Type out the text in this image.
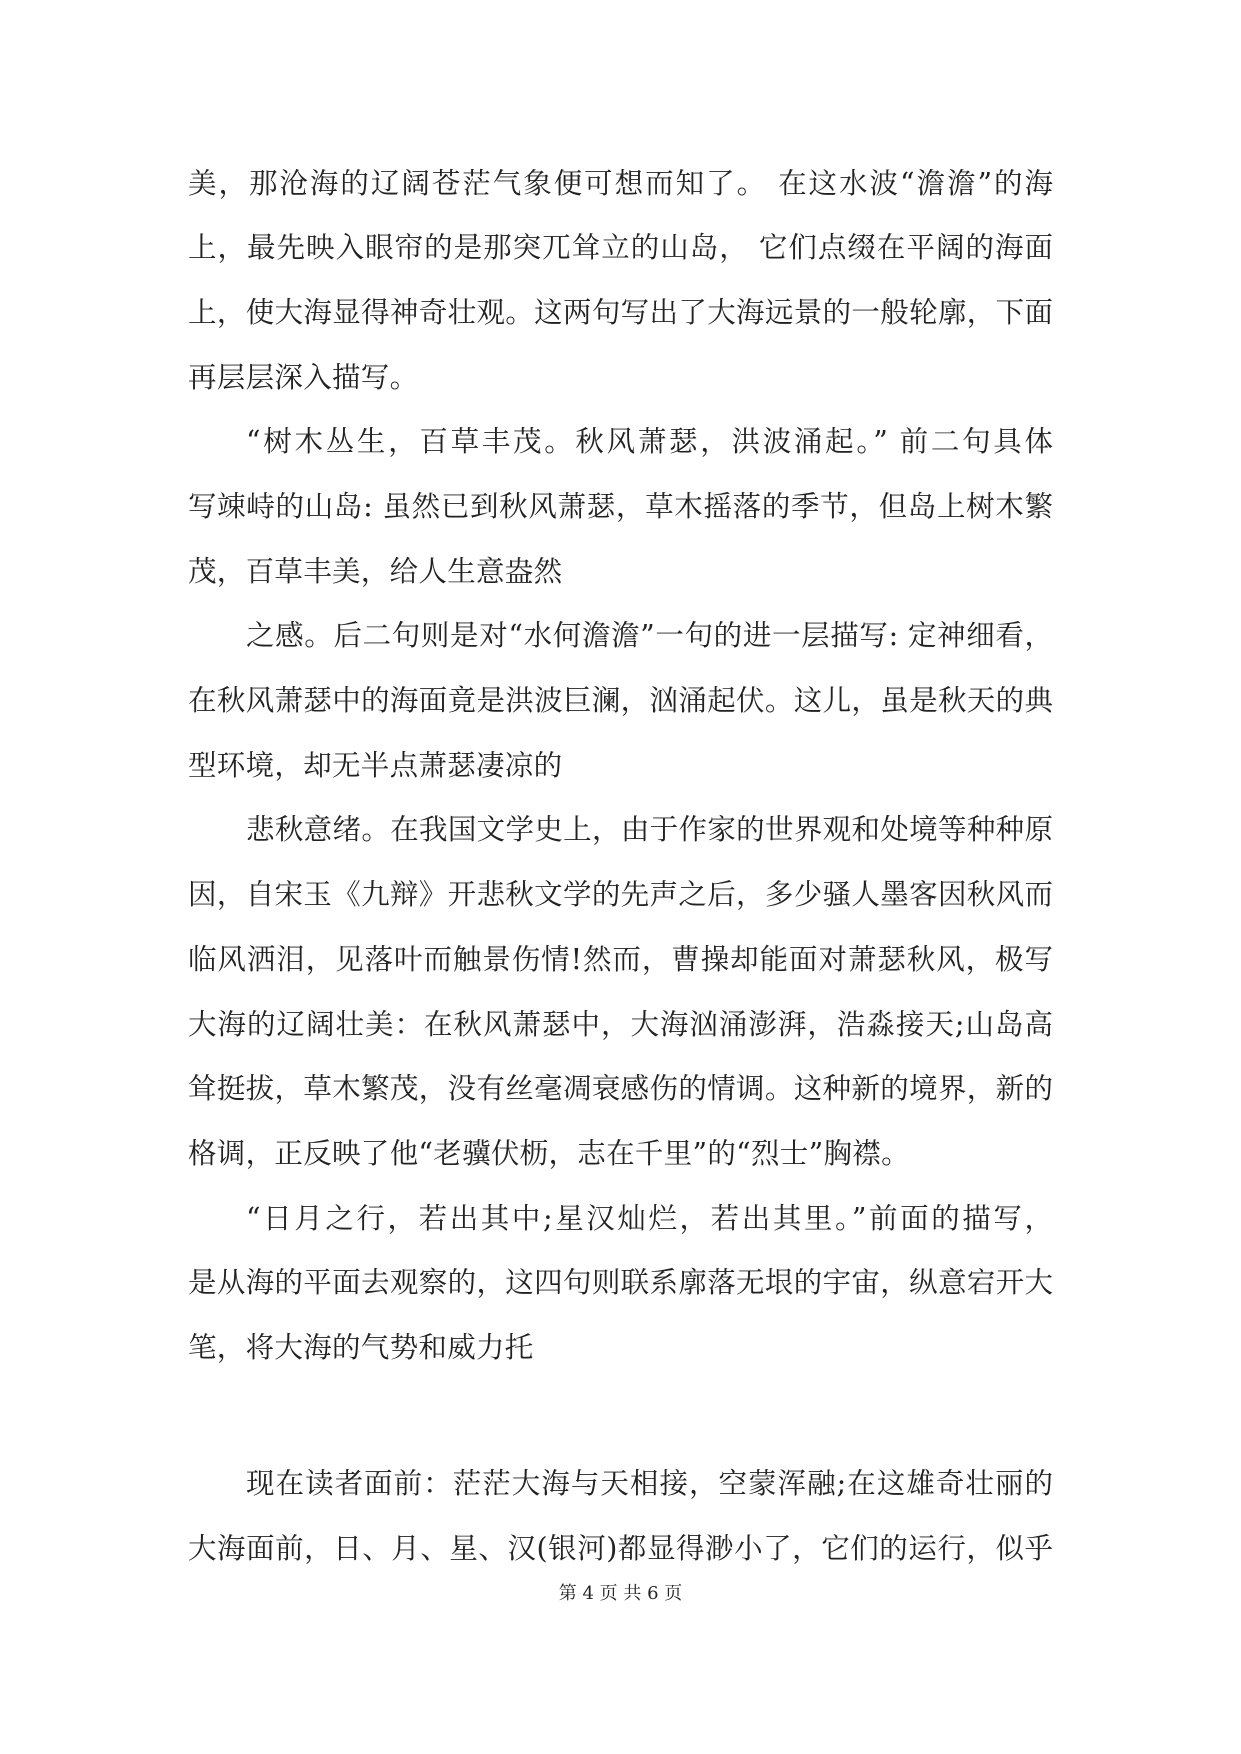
美，那沧海的辽阔苍茫气象便可想而知了。 在这水波“澹澹”的海
上，最先映入眼帘的是那突兀耸立的山岛， 它们点缀在平阔的海面
上，使大海显得神奇壮观。这两句写出了大海远景的一般轮廓，下面
再层层深入描写。
“树木丛生，百草丰茂。秋风萧瑟，洪波涌起。” 前二句具体
写竦峙的山岛: 虽然已到秋风萧瑟，草木摇落的季节，但岛上树木繁
茂，百草丰美，给人生意盎然
之感。后二句则是对“水何澹澹”一句的进一层描写: 定神细看，
在秋风萧瑟中的海面竟是洪波巨澜，汹涌起伏。这儿，虽是秋天的典
型环境，却无半点萧瑟凄凉的
悲秋意绪。在我国文学史上，由于作家的世界观和处境等种种原
因，自宋玉《九辩》开悲秋文学的先声之后，多少骚人墨客因秋风而
临风洒泪，见落叶而触景伤情!然而，曹操却能面对萧瑟秋风，极写
大海的辽阔壮美：在秋风萧瑟中，大海汹涌澎湃，浩淼接天;山岛高
耸挺拔，草木繁茂，没有丝毫凋衰感伤的情调。这种新的境界，新的
格调，正反映了他“老骥伏枥，志在千里”的“烈士”胸襟。
“日月之行，若出其中;星汉灿烂，若出其里。”前面的描写，
是从海的平面去观察的，这四句则联系廓落无垠的宇宙，纵意宕开大
笔，将大海的气势和威力托
现在读者面前：茫茫大海与天相接，空蒙浑融;在这雄奇壮丽的
大海面前，日、月、星、汉(银河)都显得渺小了，它们的运行，似乎
第 4 页 共 6 页
